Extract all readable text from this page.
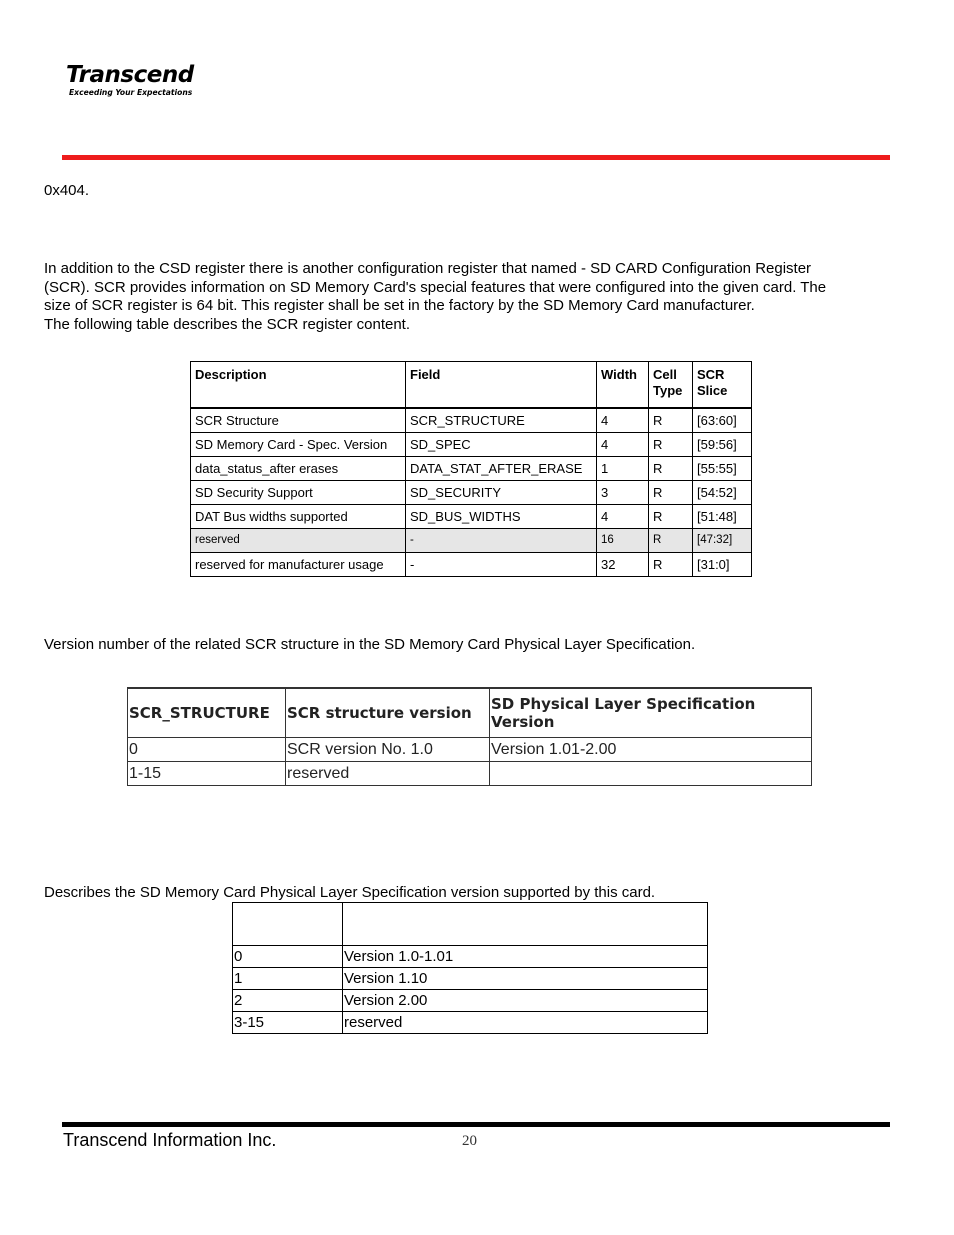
Transcend
Exceeding Your Expectations
0x404.
In addition to the CSD register there is another configuration register that named - SD CARD Configuration Register
(SCR). SCR provides information on SD Memory Card's special features that were configured into the given card. The
size of SCR register is 64 bit. This register shall be set in the factory by the SD Memory Card manufacturer.
The following table describes the SCR register content.
Description	Field	Width	Cell Type	SCR Slice
SCR Structure	SCR_STRUCTURE	4	R	[63:60]
SD Memory Card - Spec. Version	SD_SPEC	4	R	[59:56]
data_status_after erases	DATA_STAT_AFTER_ERASE	1	R	[55:55]
SD Security Support	SD_SECURITY	3	R	[54:52]
DAT Bus widths supported	SD_BUS_WIDTHS	4	R	[51:48]
reserved	-	16	R	[47:32]
reserved for manufacturer usage	-	32	R	[31:0]
Version number of the related SCR structure in the SD Memory Card Physical Layer Specification.
SCR_STRUCTURE	SCR structure version	SD Physical Layer Specification Version
0	SCR version No. 1.0	Version 1.01-2.00
1-15	reserved	

0	Version 1.0-1.01
1	Version 1.10
2	Version 2.00
3-15	reserved
Describes the SD Memory Card Physical Layer Specification version supported by this card.
Transcend Information Inc.	20
